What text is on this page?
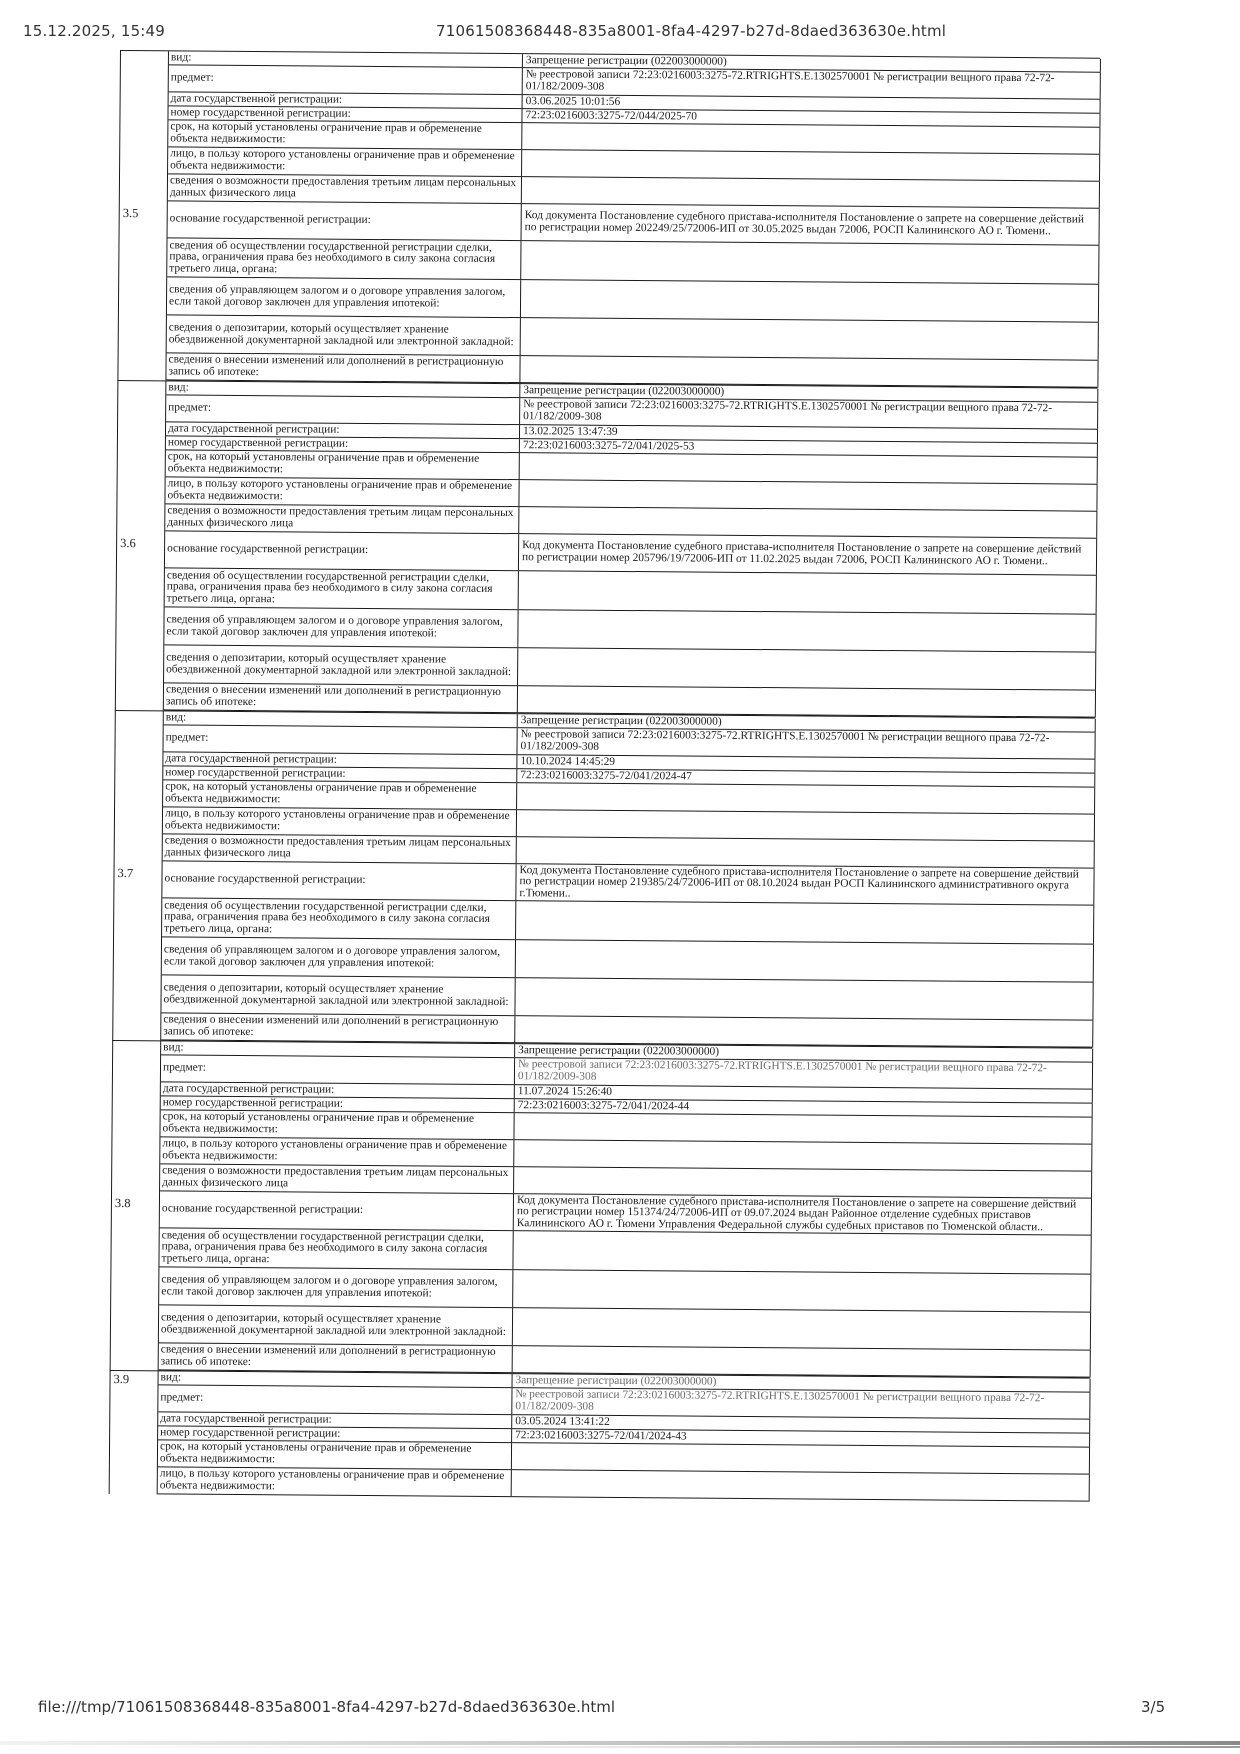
15.12.2025, 15:49	71061508368448-835a8001-8fa4-4297-b27d-8daed363630e.html
3.5
вид:	Запрещение регистрации (022003000000)
предмет:	№ реестровой записи 72:23:0216003:3275-72.RTRIGHTS.E.1302570001 № регистрации вещного права 72-72-01/182/2009-308
дата государственной регистрации:	03.06.2025 10:01:56
номер государственной регистрации:	72:23:0216003:3275-72/044/2025-70
срок, на который установлены ограничение прав и обременение объекта недвижимости:
лицо, в пользу которого установлены ограничение прав и обременение объекта недвижимости:
сведения о возможности предоставления третьим лицам персональных данных физического лица
основание государственной регистрации:	Код документа Постановление судебного пристава-исполнителя Постановление о запрете на совершение действий по регистрации номер 202249/25/72006-ИП от 30.05.2025 выдан 72006, РОСП Калининского АО г. Тюмени..
сведения об осуществлении государственной регистрации сделки, права, ограничения права без необходимого в силу закона согласия третьего лица, органа:
сведения об управляющем залогом и о договоре управления залогом, если такой договор заключен для управления ипотекой:
сведения о депозитарии, который осуществляет хранение обездвиженной документарной закладной или электронной закладной:
сведения о внесении изменений или дополнений в регистрационную запись об ипотеке:
3.6
вид:	Запрещение регистрации (022003000000)
предмет:	№ реестровой записи 72:23:0216003:3275-72.RTRIGHTS.E.1302570001 № регистрации вещного права 72-72-01/182/2009-308
дата государственной регистрации:	13.02.2025 13:47:39
номер государственной регистрации:	72:23:0216003:3275-72/041/2025-53
срок, на который установлены ограничение прав и обременение объекта недвижимости:
лицо, в пользу которого установлены ограничение прав и обременение объекта недвижимости:
сведения о возможности предоставления третьим лицам персональных данных физического лица
основание государственной регистрации:	Код документа Постановление судебного пристава-исполнителя Постановление о запрете на совершение действий по регистрации номер 205796/19/72006-ИП от 11.02.2025 выдан 72006, РОСП Калининского АО г. Тюмени..
сведения об осуществлении государственной регистрации сделки, права, ограничения права без необходимого в силу закона согласия третьего лица, органа:
сведения об управляющем залогом и о договоре управления залогом, если такой договор заключен для управления ипотекой:
сведения о депозитарии, который осуществляет хранение обездвиженной документарной закладной или электронной закладной:
сведения о внесении изменений или дополнений в регистрационную запись об ипотеке:
3.7
вид:	Запрещение регистрации (022003000000)
предмет:	№ реестровой записи 72:23:0216003:3275-72.RTRIGHTS.E.1302570001 № регистрации вещного права 72-72-01/182/2009-308
дата государственной регистрации:	10.10.2024 14:45:29
номер государственной регистрации:	72:23:0216003:3275-72/041/2024-47
срок, на который установлены ограничение прав и обременение объекта недвижимости:
лицо, в пользу которого установлены ограничение прав и обременение объекта недвижимости:
сведения о возможности предоставления третьим лицам персональных данных физического лица
основание государственной регистрации:	Код документа Постановление судебного пристава-исполнителя Постановление о запрете на совершение действий по регистрации номер 219385/24/72006-ИП от 08.10.2024 выдан РОСП Калининского административного округа г.Тюмени..
сведения об осуществлении государственной регистрации сделки, права, ограничения права без необходимого в силу закона согласия третьего лица, органа:
сведения об управляющем залогом и о договоре управления залогом, если такой договор заключен для управления ипотекой:
сведения о депозитарии, который осуществляет хранение обездвиженной документарной закладной или электронной закладной:
сведения о внесении изменений или дополнений в регистрационную запись об ипотеке:
3.8
вид:	Запрещение регистрации (022003000000)
предмет:	№ реестровой записи 72:23:0216003:3275-72.RTRIGHTS.E.1302570001 № регистрации вещного права 72-72-01/182/2009-308
дата государственной регистрации:	11.07.2024 15:26:40
номер государственной регистрации:	72:23:0216003:3275-72/041/2024-44
срок, на который установлены ограничение прав и обременение объекта недвижимости:
лицо, в пользу которого установлены ограничение прав и обременение объекта недвижимости:
сведения о возможности предоставления третьим лицам персональных данных физического лица
основание государственной регистрации:	Код документа Постановление судебного пристава-исполнителя Постановление о запрете на совершение действий по регистрации номер 151374/24/72006-ИП от 09.07.2024 выдан Районное отделение судебных приставов Калининского АО г. Тюмени Управления Федеральной службы судебных приставов по Тюменской области..
сведения об осуществлении государственной регистрации сделки, права, ограничения права без необходимого в силу закона согласия третьего лица, органа:
сведения об управляющем залогом и о договоре управления залогом, если такой договор заключен для управления ипотекой:
сведения о депозитарии, который осуществляет хранение обездвиженной документарной закладной или электронной закладной:
сведения о внесении изменений или дополнений в регистрационную запись об ипотеке:
3.9	вид:	Запрещение регистрации (022003000000)
предмет:	№ реестровой записи 72:23:0216003:3275-72.RTRIGHTS.E.1302570001 № регистрации вещного права 72-72-01/182/2009-308
дата государственной регистрации:	03.05.2024 13:41:22
номер государственной регистрации:	72:23:0216003:3275-72/041/2024-43
срок, на который установлены ограничение прав и обременение объекта недвижимости:
лицо, в пользу которого установлены ограничение прав и обременение объекта недвижимости:
file:///tmp/71061508368448-835a8001-8fa4-4297-b27d-8daed363630e.html	3/5
